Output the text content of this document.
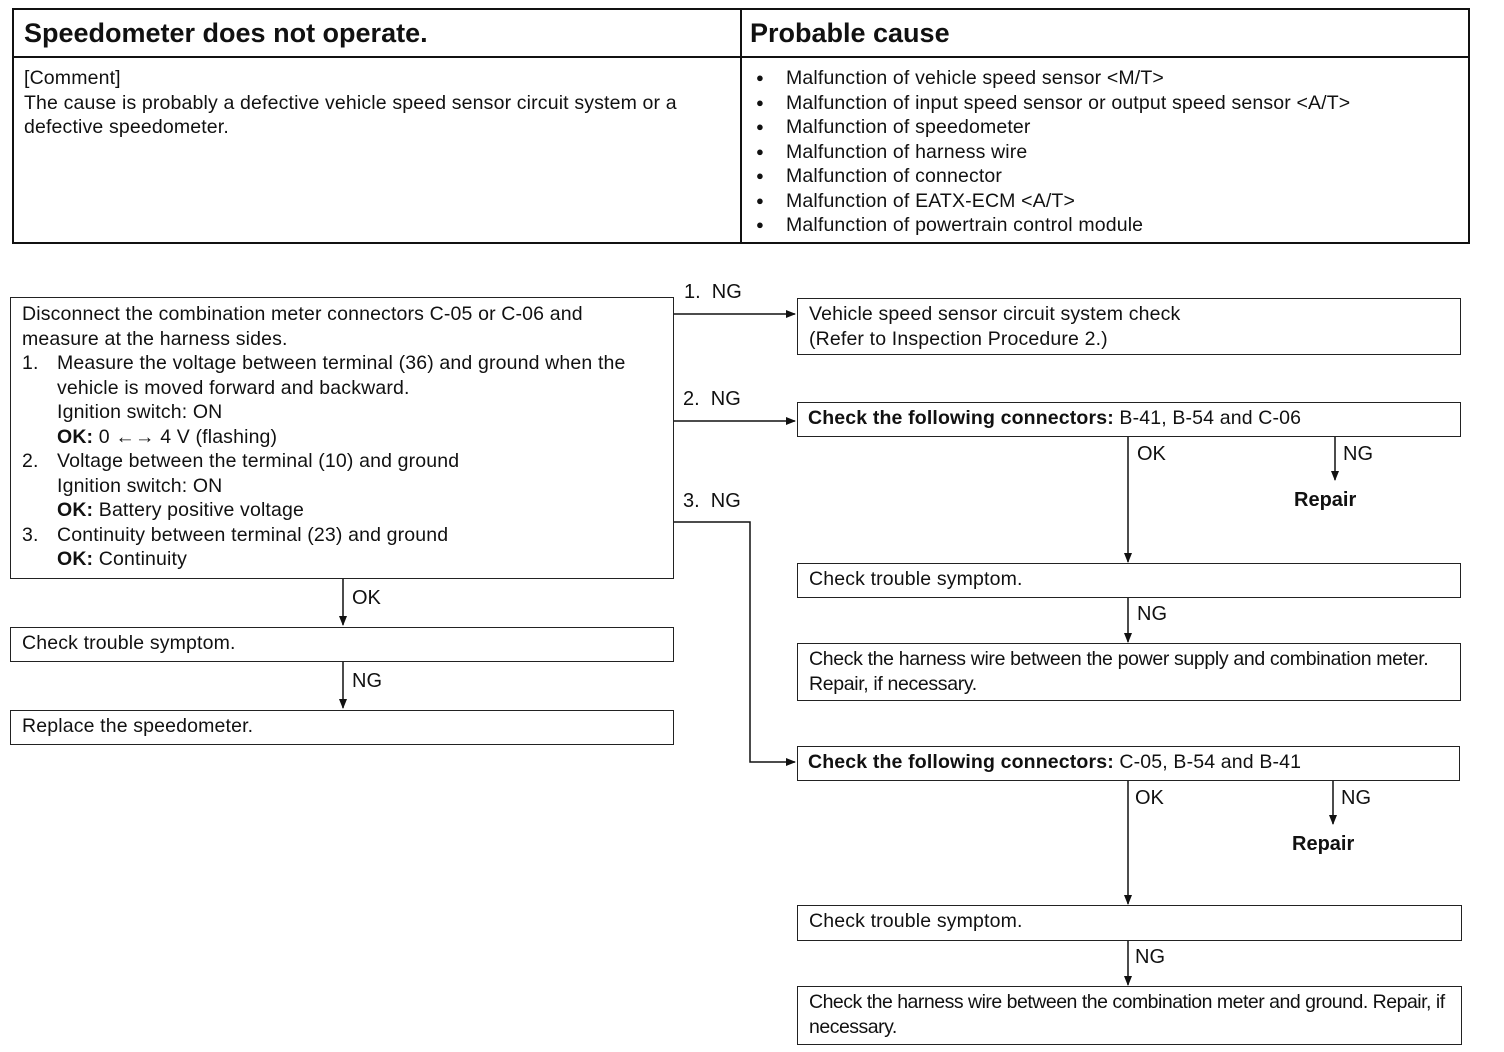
Speedometer does not operate.	Probable cause
[Comment]
The cause is probably a defective vehicle speed sensor circuit system or a defective speedometer.
● Malfunction of vehicle speed sensor <M/T>
● Malfunction of input speed sensor or output speed sensor <A/T>
● Malfunction of speedometer
● Malfunction of harness wire
● Malfunction of connector
● Malfunction of EATX-ECM <A/T>
● Malfunction of powertrain control module
Disconnect the combination meter connectors C-05 or C-06 and measure at the harness sides.
1. Measure the voltage between terminal (36) and ground when the vehicle is moved forward and backward.
Ignition switch: ON
OK: 0 ←→ 4 V (flashing)
2. Voltage between the terminal (10) and ground
Ignition switch: ON
OK: Battery positive voltage
3. Continuity between terminal (23) and ground
OK: Continuity
OK
Check trouble symptom.
NG
Replace the speedometer.
1.  NG
2.  NG
3.  NG
Vehicle speed sensor circuit system check
(Refer to Inspection Procedure 2.)
Check the following connectors: B-41, B-54 and C-06
OK	NG
Repair
Check trouble symptom.
NG
Check the harness wire between the power supply and combination meter. Repair, if necessary.
Check the following connectors: C-05, B-54 and B-41
OK	NG
Repair
Check trouble symptom.
NG
Check the harness wire between the combination meter and ground. Repair, if necessary.
